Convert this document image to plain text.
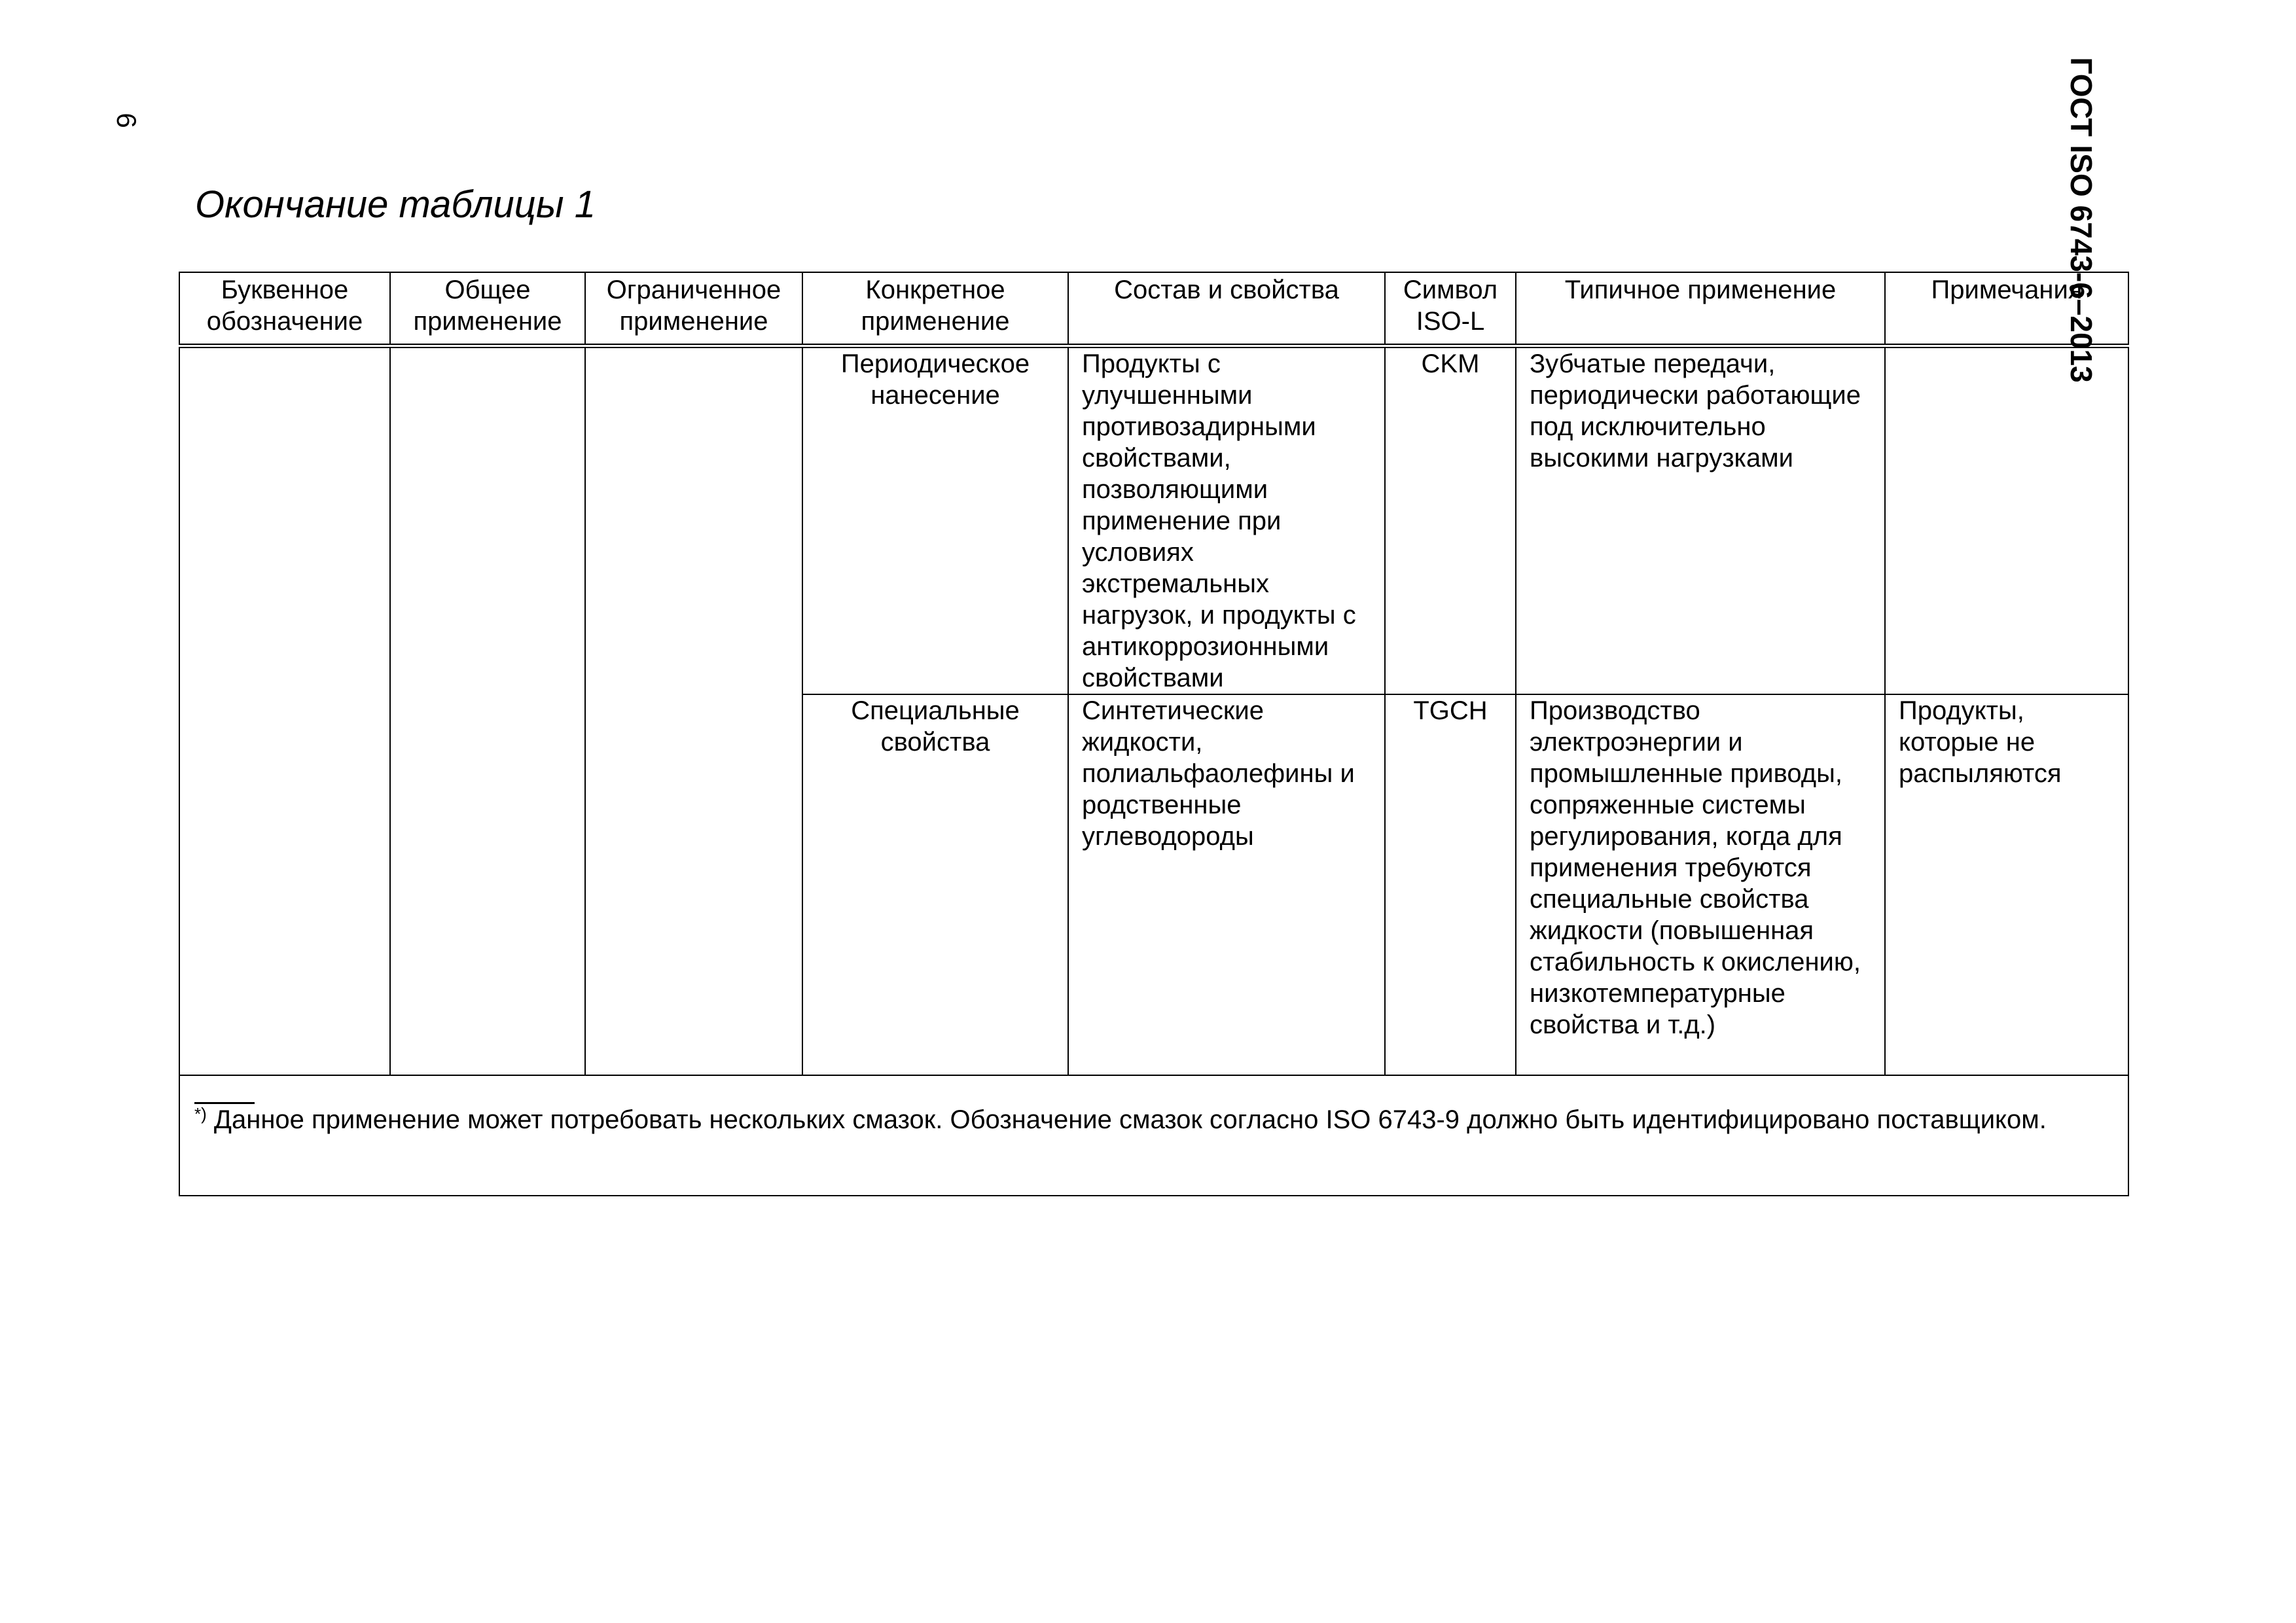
6	ГОСТ ISO 6743-6–2013
Окончание таблицы 1
Буквенное обозначение	Общее применение	Ограниченное применение	Конкретное применение	Состав и свойства	Символ ISO-L	Типичное применение	Примечания
			Периодическое нанесение	Продукты с улучшенными противозадирными свойствами, позволяющими применение при условиях экстремальных нагрузок, и продукты с антикоррозионными свойствами	CKM	Зубчатые передачи, периодически работающие под исключительно высокими нагрузками	
			Специальные свойства	Синтетические жидкости, полиальфаолефины и родственные углеводороды	TGCH	Производство электроэнергии и промышленные приводы, сопряженные системы регулирования, когда для применения требуются специальные свойства жидкости (повышенная стабильность к окислению, низкотемпературные свойства и т.д.)	Продукты, которые не распыляются

*) Данное применение может потребовать нескольких смазок. Обозначение смазок согласно ISO 6743-9 должно быть идентифицировано поставщиком.							
